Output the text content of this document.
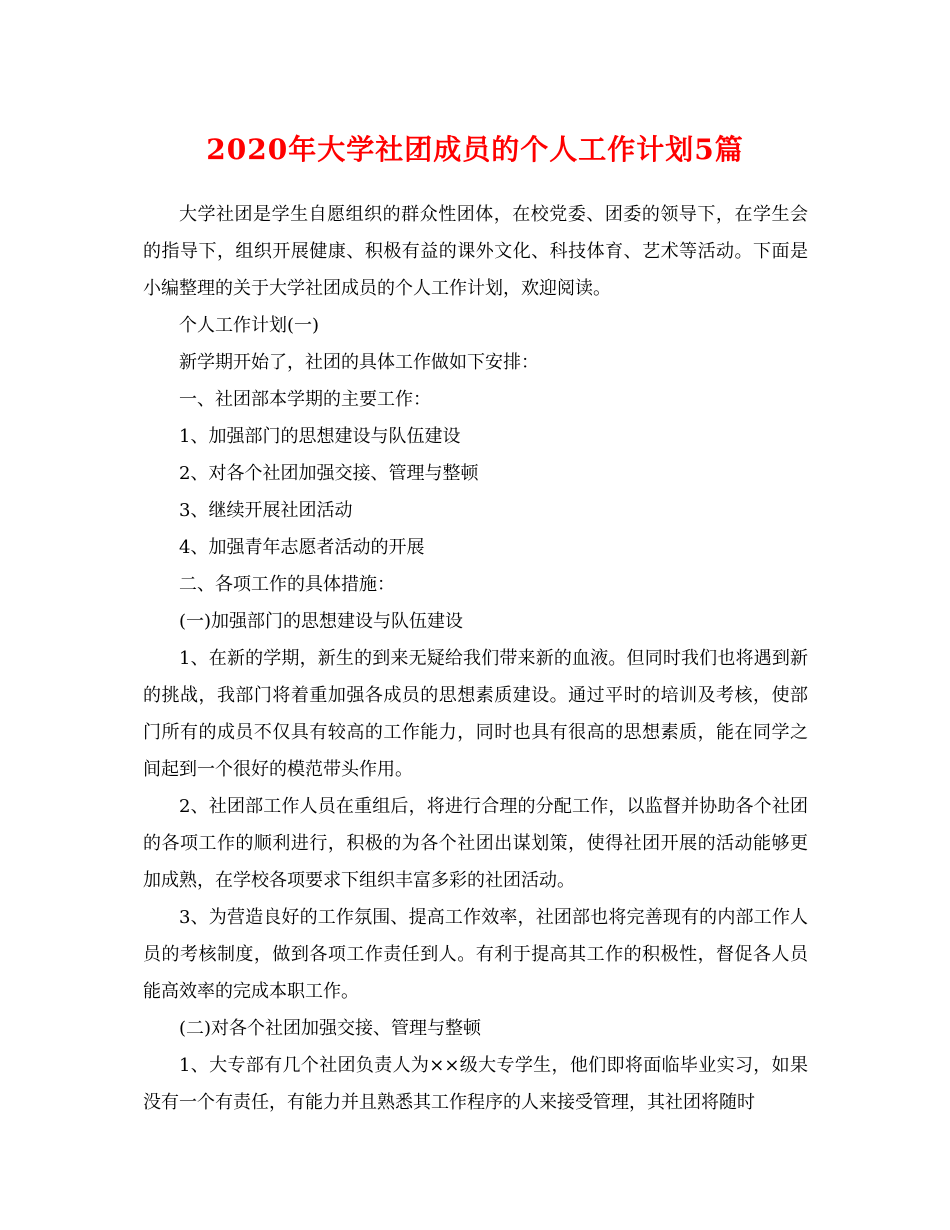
2020年大学社团成员的个人工作计划5篇

大学社团是学生自愿组织的群众性团体，在校党委、团委的领导下，在学生会的指导下，组织开展健康、积极有益的课外文化、科技体育、艺术等活动。下面是小编整理的关于大学社团成员的个人工作计划，欢迎阅读。

个人工作计划(一)

新学期开始了，社团的具体工作做如下安排：

一、社团部本学期的主要工作：

1、加强部门的思想建设与队伍建设

2、对各个社团加强交接、管理与整顿

3、继续开展社团活动

4、加强青年志愿者活动的开展

二、各项工作的具体措施：

(一)加强部门的思想建设与队伍建设

1、在新的学期，新生的到来无疑给我们带来新的血液。但同时我们也将遇到新的挑战，我部门将着重加强各成员的思想素质建设。通过平时的培训及考核，使部门所有的成员不仅具有较高的工作能力，同时也具有很高的思想素质，能在同学之间起到一个很好的模范带头作用。

2、社团部工作人员在重组后，将进行合理的分配工作，以监督并协助各个社团的各项工作的顺利进行，积极的为各个社团出谋划策，使得社团开展的活动能够更加成熟，在学校各项要求下组织丰富多彩的社团活动。

3、为营造良好的工作氛围、提高工作效率，社团部也将完善现有的内部工作人员的考核制度，做到各项工作责任到人。有利于提高其工作的积极性，督促各人员能高效率的完成本职工作。

(二)对各个社团加强交接、管理与整顿

1、大专部有几个社团负责人为××级大专学生，他们即将面临毕业实习，如果没有一个有责任，有能力并且熟悉其工作程序的人来接受管理，其社团将随时
